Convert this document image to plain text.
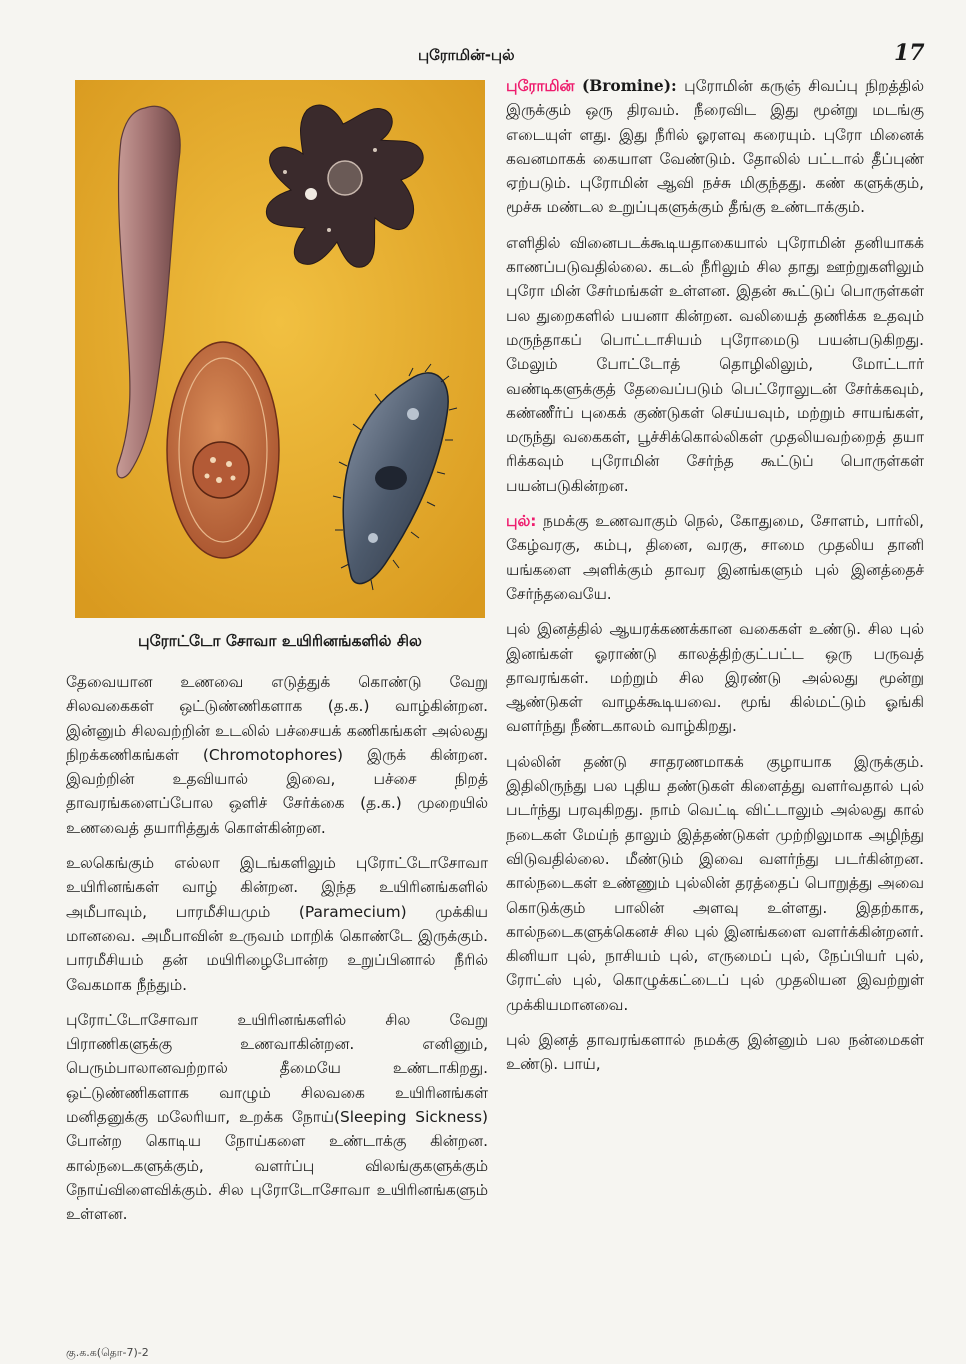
புரோமின்-புல்	17
புரோட்டோ சோவா உயிரினங்களில் சில

தேவையான உணவை எடுத்துக் கொண்டு வேறு சிலவகைகள் ஒட்டுண்ணிகளாக (த.க.) வாழ்கின்றன. இன்னும் சிலவற்றின் உடலில் பச்சையக் கணிகங்கள் அல்லது நிறக்கணிகங்கள் (Chromotophores) இருக் கின்றன. இவற்றின் உதவியால் இவை, பச்சை நிறத் தாவரங்களைப்போல ஒளிச் சேர்க்கை (த.க.) முறையில் உணவைத் தயாரித்துக் கொள்கின்றன.

உலகெங்கும் எல்லா இடங்களிலும் புரோட்டோசோவா உயிரினங்கள் வாழ் கின்றன. இந்த உயிரினங்களில் அமீபாவும், பாரமீசியமும் (Paramecium) முக்கிய மானவை. அமீபாவின் உருவம் மாறிக் கொண்டே இருக்கும். பாரமீசியம் தன் மயிரிழைபோன்ற உறுப்பினால் நீரில் வேகமாக நீந்தும்.

புரோட்டோசோவா உயிரினங்களில் சில வேறு பிராணிகளுக்கு உணவாகின்றன. எனினும், பெரும்பாலானவற்றால் தீமையே உண்டாகிறது. ஒட்டுண்ணிகளாக வாழும் சிலவகை உயிரினங்கள் மனிதனுக்கு மலேரியா, உறக்க நோய்(Sleeping Sickness) போன்ற கொடிய நோய்களை உண்டாக்கு கின்றன. கால்நடைகளுக்கும், வளர்ப்பு விலங்குகளுக்கும் நோய்விளைவிக்கும். சில புரோடோசோவா உயிரினங்களும் உள்ளன.

புரோமின் (Bromine): புரோமின் கருஞ் சிவப்பு நிறத்தில் இருக்கும் ஒரு திரவம். நீரைவிட இது மூன்று மடங்கு எடையுள் ளது. இது நீரில் ஓரளவு கரையும். புரோ மினைக் கவனமாகக் கையாள வேண்டும். தோலில் பட்டால் தீப்புண் ஏற்படும். புரோமின் ஆவி நச்சு மிகுந்தது. கண் களுக்கும், மூச்சு மண்டல உறுப்புகளுக்கும் தீங்கு உண்டாக்கும்.

எளிதில் வினைபடக்கூடியதாகையால் புரோமின் தனியாகக் காணப்படுவதில்லை. கடல் நீரிலும் சில தாது ஊற்றுகளிலும் புரோ மின் சேர்மங்கள் உள்ளன. இதன் கூட்டுப் பொருள்கள் பல துறைகளில் பயனா கின்றன. வலியைத் தணிக்க உதவும் மருந்தாகப் பொட்டாசியம் புரோமைடு பயன்படுகிறது. மேலும் போட்டோத் தொழிலிலும், மோட்டார் வண்டிகளுக்குத் தேவைப்படும் பெட்ரோலுடன் சேர்க்கவும், கண்ணீர்ப் புகைக் குண்டுகள் செய்யவும், மற்றும் சாயங்கள், மருந்து வகைகள், பூச்சிக்கொல்லிகள் முதலியவற்றைத் தயா ரிக்கவும் புரோமின் சேர்ந்த கூட்டுப் பொருள்கள் பயன்படுகின்றன.

புல்: நமக்கு உணவாகும் நெல், கோதுமை, சோளம், பார்லி, கேழ்வரகு, கம்பு, தினை, வரகு, சாமை முதலிய தானி யங்களை அளிக்கும் தாவர இனங்களும் புல் இனத்தைச் சேர்ந்தவையே.

புல் இனத்தில் ஆயரக்கணக்கான வகைகள் உண்டு. சில புல் இனங்கள் ஓராண்டு காலத்திற்குட்பட்ட ஒரு பருவத் தாவரங்கள். மற்றும் சில இரண்டு அல்லது மூன்று ஆண்டுகள் வாழக்கூடியவை. மூங் கில்மட்டும் ஓங்கி வளர்ந்து நீண்டகாலம் வாழ்கிறது.

புல்லின் தண்டு சாதரணமாகக் குழாயாக இருக்கும். இதிலிருந்து பல புதிய தண்டுகள் கிளைத்து வளர்வதால் புல் படர்ந்து பரவுகிறது. நாம் வெட்டி விட்டாலும் அல்லது கால் நடைகள் மேய்ந் தாலும் இத்தண்டுகள் முற்றிலுமாக அழிந்து விடுவதில்லை. மீண்டும் இவை வளர்ந்து படர்கின்றன. கால்நடைகள் உண்ணும் புல்லின் தரத்தைப் பொறுத்து அவை கொடுக்கும் பாலின் அளவு உள்ளது. இதற்காக, கால்நடைகளுக்கெனச் சில புல் இனங்களை வளர்க்கின்றனர். கினியா புல், நாசியம் புல், எருமைப் புல், நேப்பியர் புல், ரோட்ஸ் புல், கொழுக்கட்டைப் புல் முதலியன இவற்றுள் முக்கியமானவை.

புல் இனத் தாவரங்களால் நமக்கு இன்னும் பல நன்மைகள் உண்டு. பாய்,

கு.க.க(தொ-7)-2
